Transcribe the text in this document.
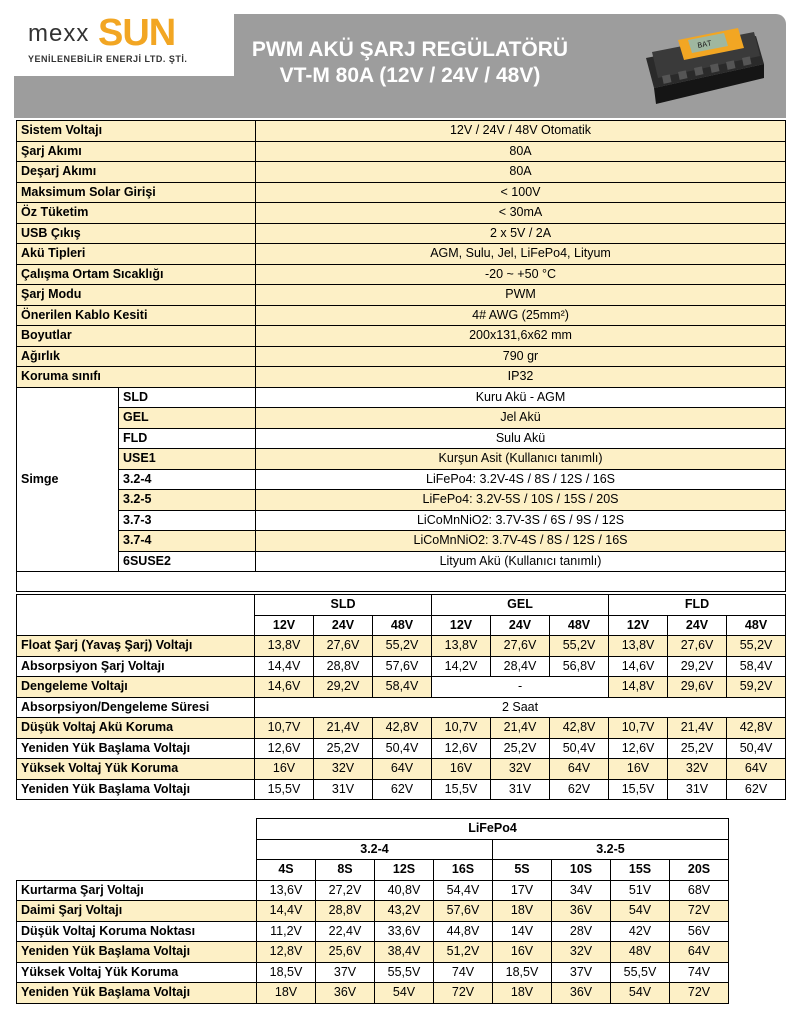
mexx SUN
YENİLENEBİLİR ENERJİ LTD. ŞTİ.	PWM AKÜ ŞARJ REGÜLATÖRÜ
VT-M 80A (12V / 24V / 48V)
BAT
Sistem Voltajı		12V / 24V / 48V Otomatik
Şarj Akımı		80A
Deşarj Akımı		80A
Maksimum Solar Girişi		< 100V
Öz Tüketim		< 30mA
USB Çıkış		2 x 5V / 2A
Akü Tipleri		AGM, Sulu, Jel, LiFePo4, Lityum
Çalışma Ortam Sıcaklığı		-20 ~ +50 °C
Şarj Modu		PWM
Önerilen Kablo Kesiti		4# AWG (25mm²)
Boyutlar		200x131,6x62 mm
Ağırlık		790 gr
Koruma sınıfı		IP32
Simge	SLD	Kuru Akü - AGM
	GEL	Jel Akü
	FLD	Sulu Akü
	USE1	Kurşun Asit (Kullanıcı tanımlı)
	3.2-4	LiFePo4: 3.2V-4S / 8S / 12S / 16S
	3.2-5	LiFePo4: 3.2V-5S / 10S / 15S / 20S
	3.7-3	LiCoMnNiO2: 3.7V-3S / 6S / 9S / 12S
	3.7-4	LiCoMnNiO2: 3.7V-4S / 8S / 12S / 16S
	6SUSE2	Lityum Akü (Kullanıcı tanımlı)

	SLD			GEL			FLD		
	12V	24V	48V	12V	24V	48V	12V	24V	48V
Float Şarj (Yavaş Şarj) Voltajı	13,8V	27,6V	55,2V	13,8V	27,6V	55,2V	13,8V	27,6V	55,2V
Absorpsiyon Şarj Voltajı	14,4V	28,8V	57,6V	14,2V	28,4V	56,8V	14,6V	29,2V	58,4V
Dengeleme Voltajı	14,6V	29,2V	58,4V	-			14,8V	29,6V	59,2V
Absorpsiyon/Dengeleme Süresi	2 Saat								
Düşük Voltaj Akü Koruma	10,7V	21,4V	42,8V	10,7V	21,4V	42,8V	10,7V	21,4V	42,8V
Yeniden Yük Başlama Voltajı	12,6V	25,2V	50,4V	12,6V	25,2V	50,4V	12,6V	25,2V	50,4V
Yüksek Voltaj Yük Koruma	16V	32V	64V	16V	32V	64V	16V	32V	64V
Yeniden Yük Başlama Voltajı	15,5V	31V	62V	15,5V	31V	62V	15,5V	31V	62V
	LiFePo4							
	3.2-4				3.2-5			
	4S	8S	12S	16S	5S	10S	15S	20S
Kurtarma Şarj Voltajı	13,6V	27,2V	40,8V	54,4V	17V	34V	51V	68V
Daimi Şarj Voltajı	14,4V	28,8V	43,2V	57,6V	18V	36V	54V	72V
Düşük Voltaj Koruma Noktası	11,2V	22,4V	33,6V	44,8V	14V	28V	42V	56V
Yeniden Yük Başlama Voltajı	12,8V	25,6V	38,4V	51,2V	16V	32V	48V	64V
Yüksek Voltaj Yük Koruma	18,5V	37V	55,5V	74V	18,5V	37V	55,5V	74V
Yeniden Yük Başlama Voltajı	18V	36V	54V	72V	18V	36V	54V	72V
